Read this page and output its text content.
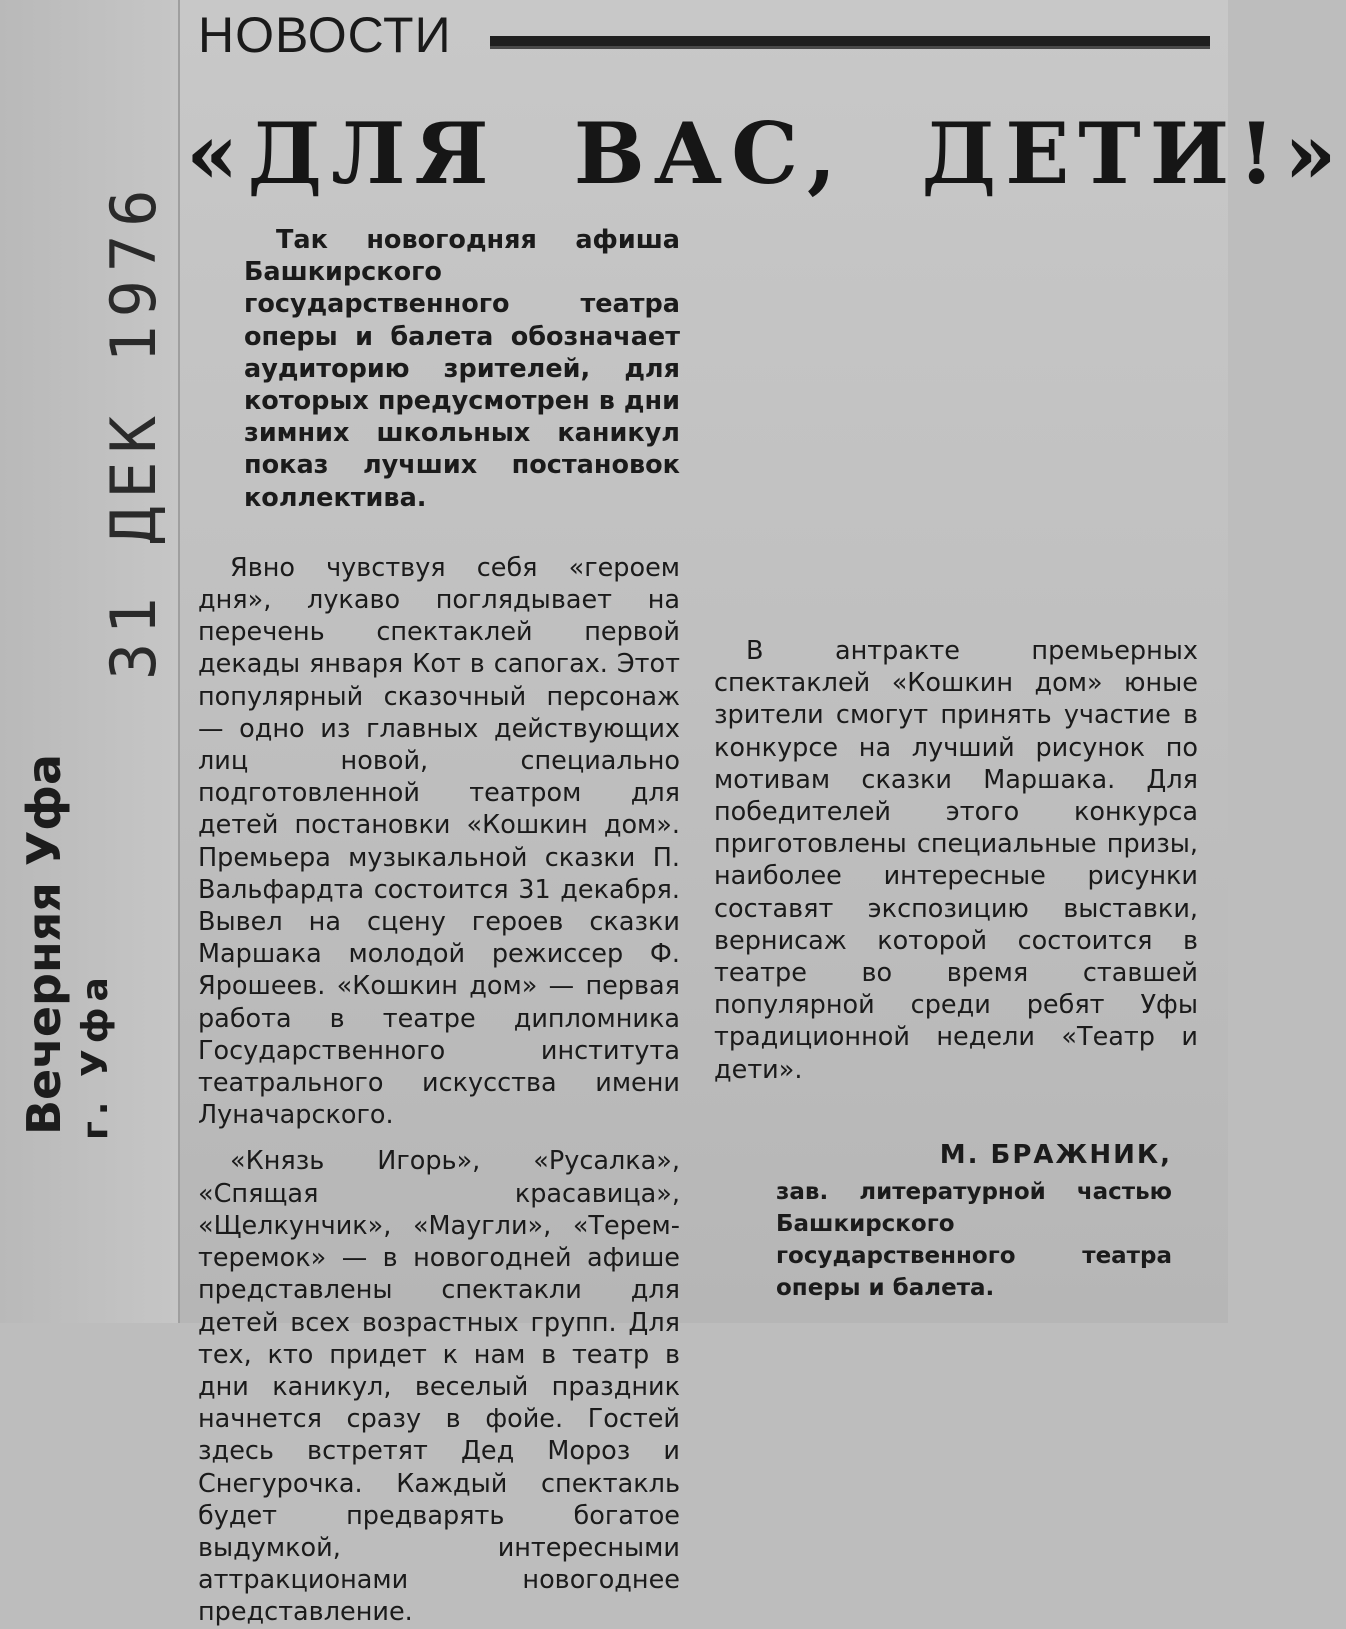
31 ДЕК 1976
Вечерняя Уфа г. Уфа
НОВОСТИ
«ДЛЯ ВАС, ДЕТИ!»

Так новогодняя афиша Башкирского государственного театра оперы и балета обозначает аудиторию зрителей, для которых предусмотрен в дни зимних школьных каникул показ лучших постановок коллектива.

Явно чувствуя себя «героем дня», лукаво поглядывает на перечень спектаклей первой декады января Кот в сапогах. Этот популярный сказочный персонаж — одно из главных действующих лиц новой, специально подготовленной театром для детей постановки «Кошкин дом». Премьера музыкальной сказки П. Вальфардта состоится 31 декабря. Вывел на сцену героев сказки Маршака молодой режиссер Ф. Ярошеев. «Кошкин дом» — первая работа в театре дипломника Государственного института театрального искусства имени Луначарского.

«Князь Игорь», «Русалка», «Спящая красавица», «Щелкунчик», «Маугли», «Терем-теремок» — в новогодней афише представлены спектакли для детей всех возрастных групп. Для тех, кто придет к нам в театр в дни каникул, веселый праздник начнется сразу в фойе. Гостей здесь встретят Дед Мороз и Снегурочка. Каждый спектакль будет предварять богатое выдумкой, интересными аттракционами новогоднее представление.

В антракте премьерных спектаклей «Кошкин дом» юные зрители смогут принять участие в конкурсе на лучший рисунок по мотивам сказки Маршака. Для победителей этого конкурса приготовлены специальные призы, наиболее интересные рисунки составят экспозицию выставки, вернисаж которой состоится в театре во время ставшей популярной среди ребят Уфы традиционной недели «Театр и дети».

М. БРАЖНИК,
зав. литературной частью Башкирского государственного театра оперы и балета.
